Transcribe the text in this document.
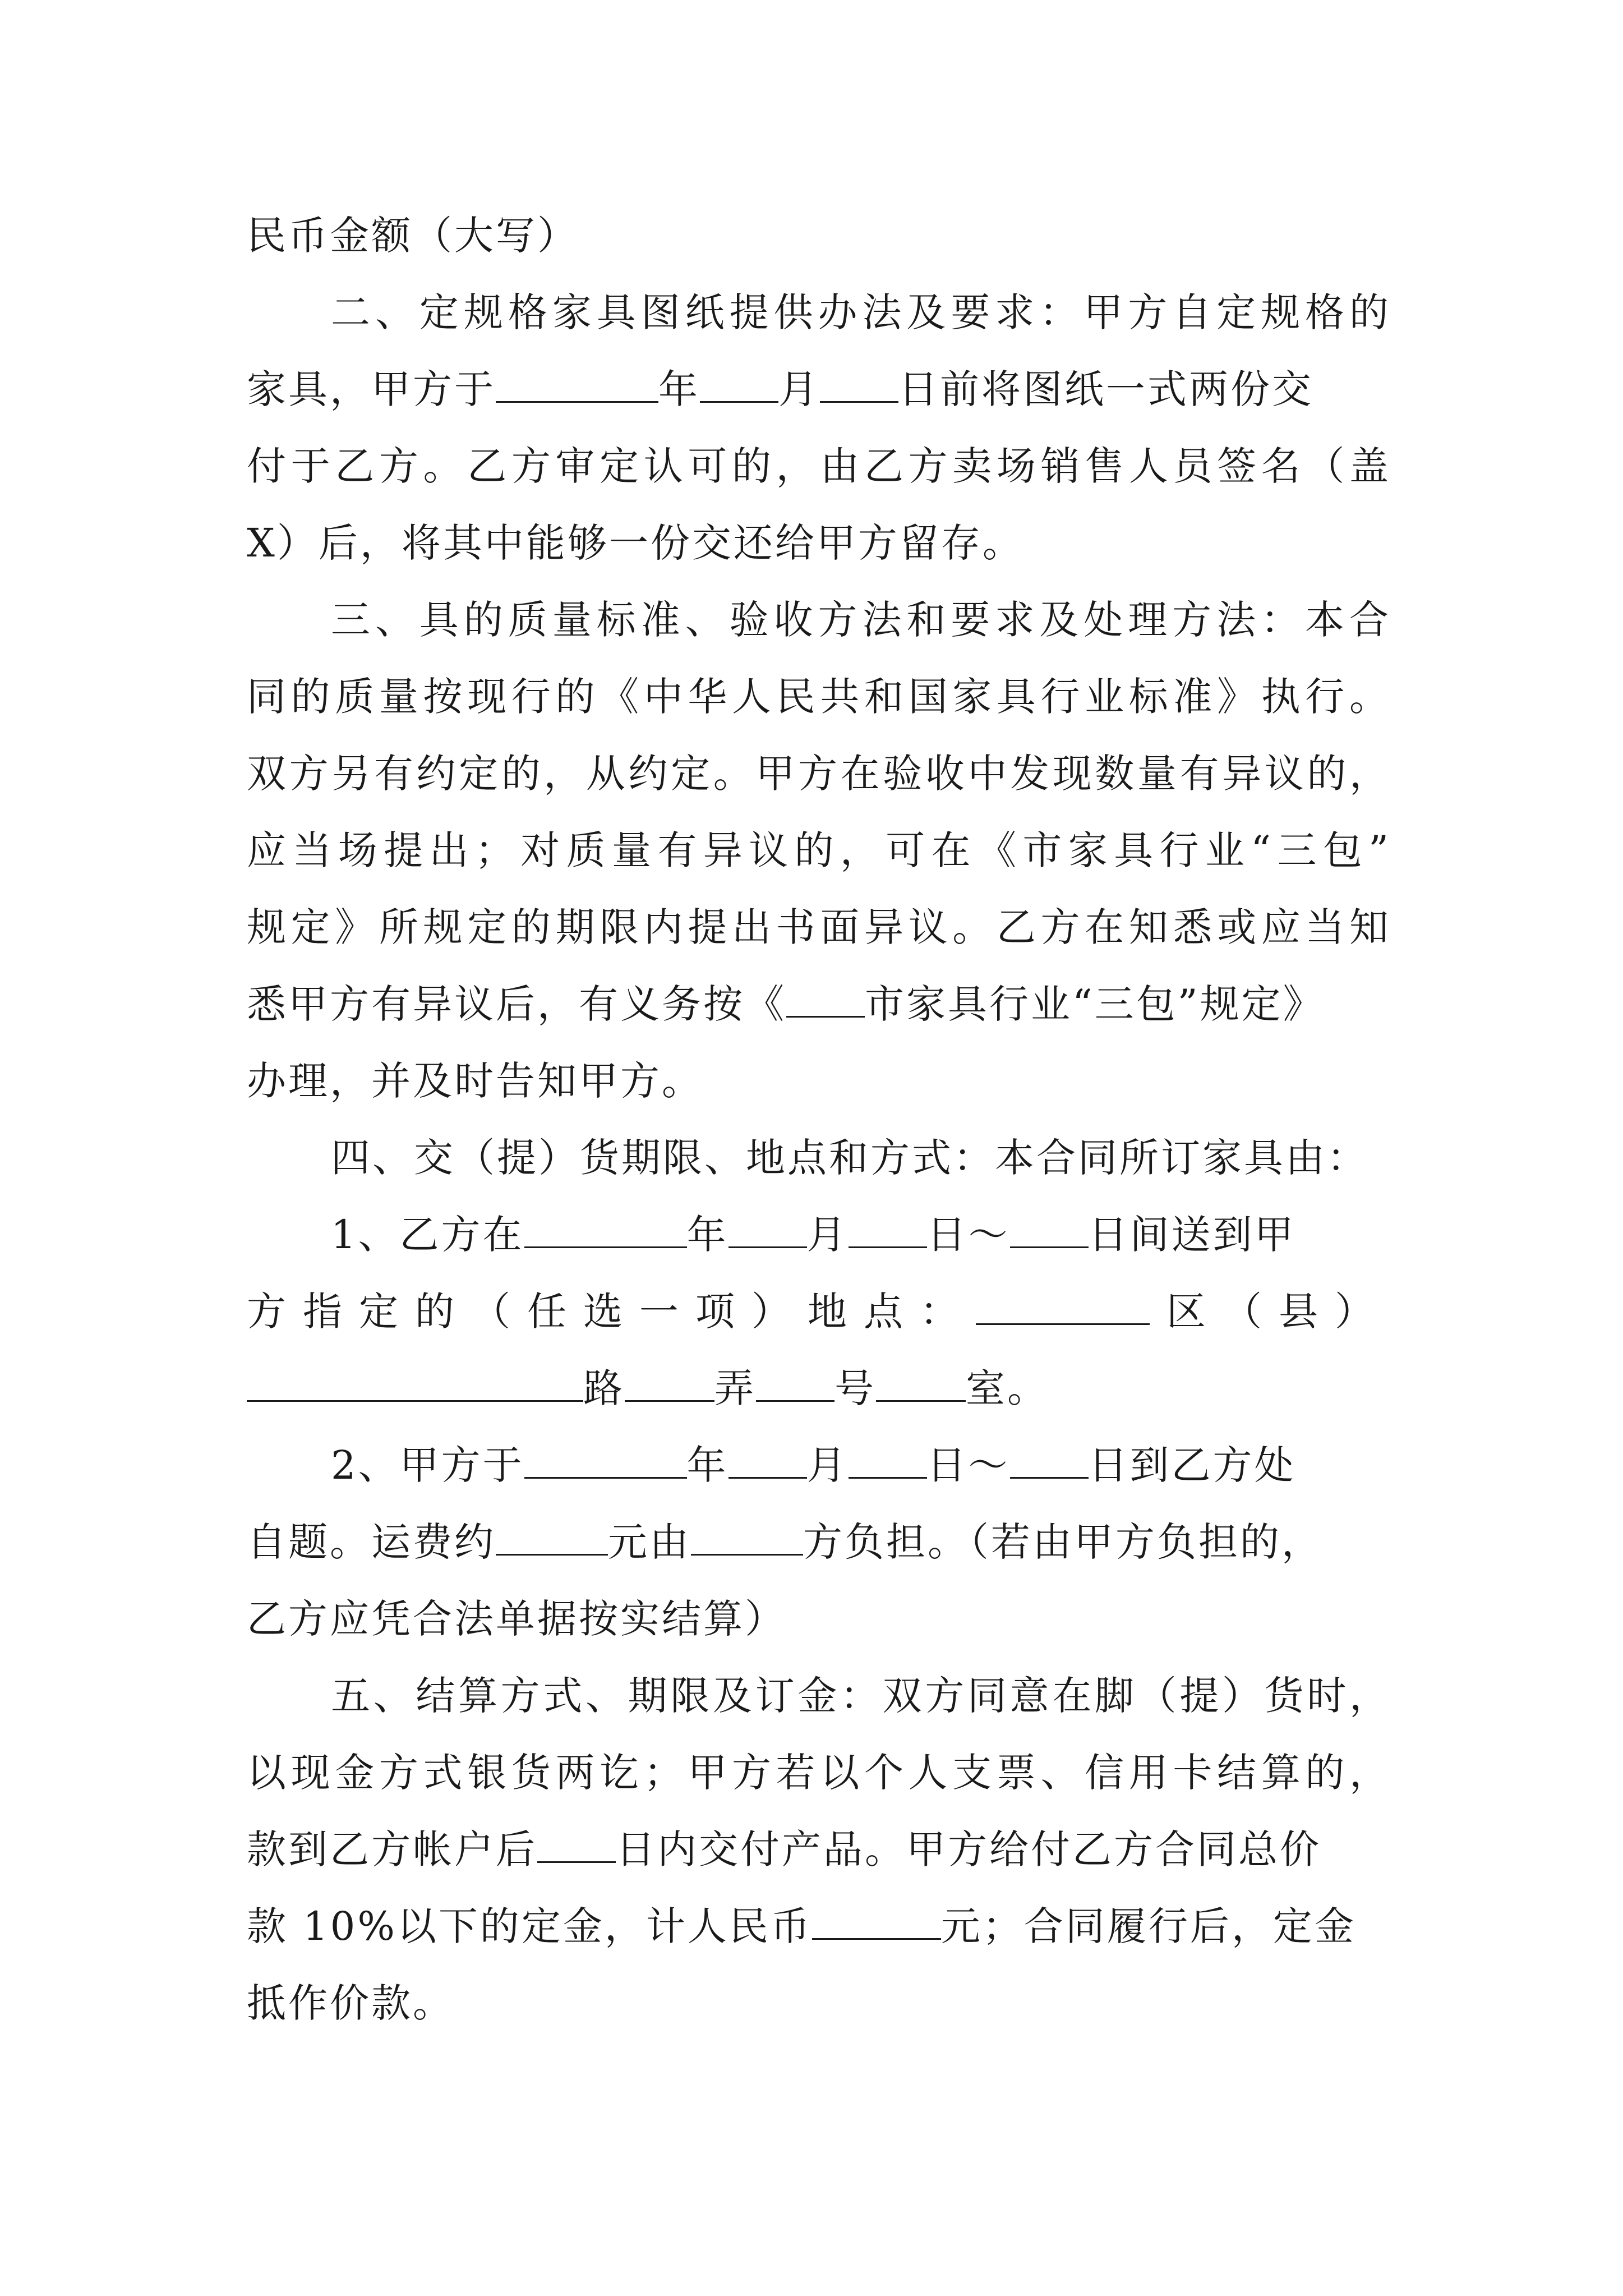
民币金额（大写）
二、定规格家具图纸提供办法及要求：甲方自定规格的
家具，甲方于	年 月 日前将图纸一式两份交
付于乙方。乙方审定认可的，由乙方卖场销售人员签名（盖
X）后，将其中能够一份交还给甲方留存。
三、具的质量标准、验收方法和要求及处理方法：本合
同的质量按现行的《中华人民共和国家具行业标准》执行。
双方另有约定的，从约定。甲方在验收中发现数量有异议的，
应当场提出；对质量有异议的，可在《市家具行业“三包”
规定》所规定的期限内提出书面异议。乙方在知悉或应当知
悉甲方有异议后，有义务按《 市家具行业“三包”规定》
办理，并及时告知甲方。
四、交（提）货期限、地点和方式：本合同所订家具由：
1、乙方在	年 月 日～ 日间送到甲
方指定的（任选一项）地点：	区（县）
路 弄 号 室。
2、甲方于	年 月 日～ 日到乙方处
自题。运费约	元由	方负担。（若由甲方负担的，
乙方应凭合法单据按实结算）
五、结算方式、期限及订金：双方同意在脚（提）货时，
以现金方式银货两讫；甲方若以个人支票、信用卡结算的，
款到乙方帐户后 日内交付产品。甲方给付乙方合同总价
款 10%以下的定金，计人民币	元；合同履行后，定金
抵作价款。
